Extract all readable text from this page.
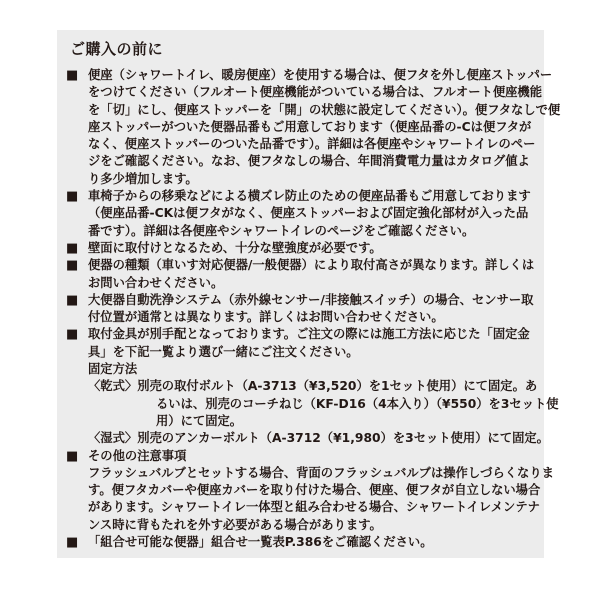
ご購入の前に
■ 便座（シャワートイレ、暖房便座）を使用する場合は、便フタを外し便座ストッパー
をつけてください（フルオート便座機能がついている場合は、フルオート便座機能
を「切」にし、便座ストッパーを「開」の状態に設定してください）。便フタなしで便
座ストッパーがついた便器品番もご用意しております（便座品番の-Cは便フタが
なく、便座ストッパーのついた品番です）。詳細は各便座やシャワートイレのペー
ジをご確認ください。なお、便フタなしの場合、年間消費電力量はカタログ値よ
り多少増加します。
■ 車椅子からの移乗などによる横ズレ防止のための便座品番もご用意しております
（便座品番-CKは便フタがなく、便座ストッパーおよび固定強化部材が入った品
番です）。詳細は各便座やシャワートイレのページをご確認ください。
■ 壁面に取付けとなるため、十分な壁強度が必要です。
■ 便器の種類（車いす対応便器/一般便器）により取付高さが異なります。詳しくは
お問い合わせください。
■ 大便器自動洗浄システム（赤外線センサー/非接触スイッチ）の場合、センサー取
付位置が通常とは異なります。詳しくはお問い合わせください。
■ 取付金具が別手配となっております。ご注文の際には施工方法に応じた「固定金
具」を下記一覧より選び一緒にご注文ください。
固定方法
〈乾式〉別売の取付ボルト（A-3713（¥3,520）を1セット使用）にて固定。あ
るいは、別売のコーチねじ（KF-D16（4本入り）（¥550）を3セット使
用）にて固定。
〈湿式〉別売のアンカーボルト（A-3712（¥1,980）を3セット使用）にて固定。
■ その他の注意事項
フラッシュバルブとセットする場合、背面のフラッシュバルブは操作しづらくなりま
す。便フタカバーや便座カバーを取り付けた場合、便座、便フタが自立しない場合
があります。シャワートイレ一体型と組み合わせる場合、シャワートイレメンテナ
ンス時に背もたれを外す必要がある場合があります。
■ 「組合せ可能な便器」組合せ一覧表P.386をご確認ください。
